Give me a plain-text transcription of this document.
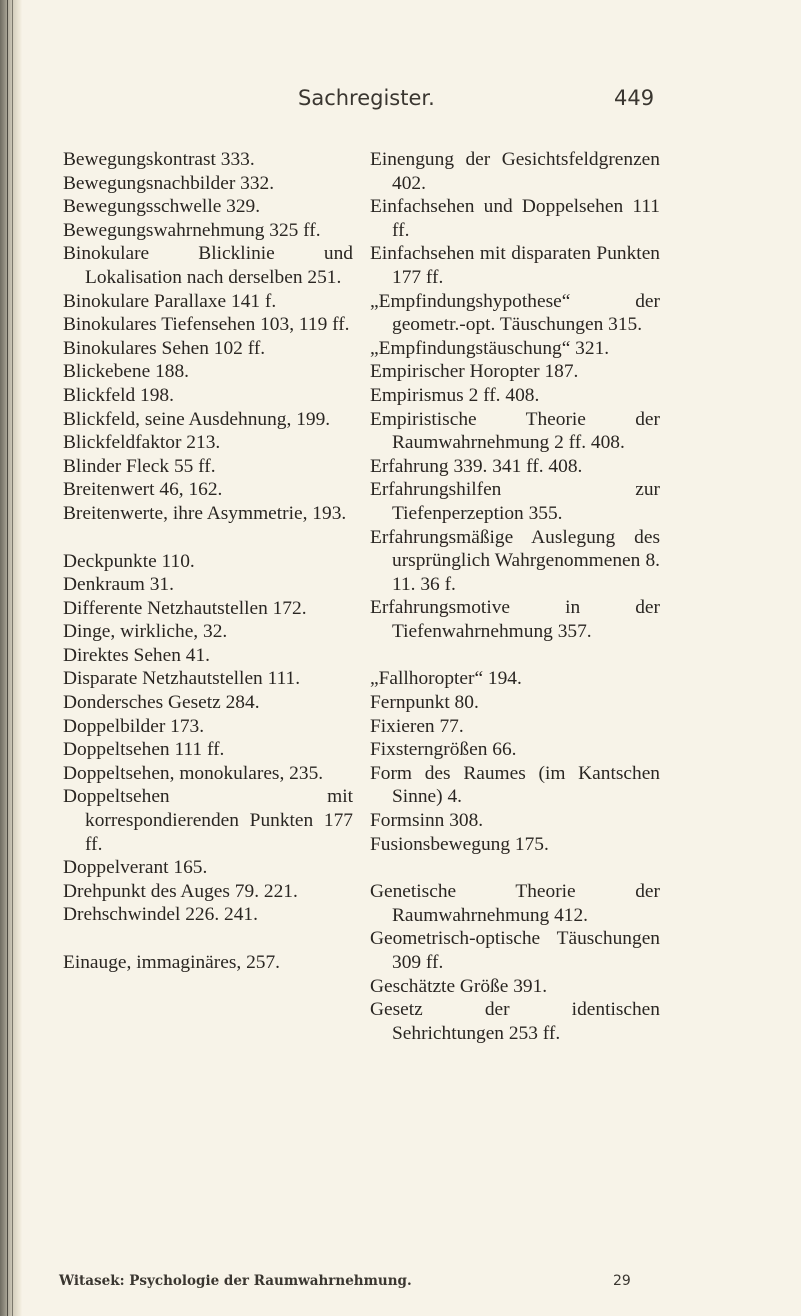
Sachregister.	449

Bewegungskontrast 333.

Bewegungsnachbilder 332.

Bewegungsschwelle 329.

Bewegungswahrnehmung 325 ff.

Binokulare Blicklinie und Lokalisation nach derselben 251.

Binokulare Parallaxe 141 f.

Binokulares Tiefensehen 103, 119 ff.

Binokulares Sehen 102 ff.

Blickebene 188.

Blickfeld 198.

Blickfeld, seine Ausdehnung, 199.

Blickfeldfaktor 213.

Blinder Fleck 55 ff.

Breitenwert 46, 162.

Breitenwerte, ihre Asymmetrie, 193.

Deckpunkte 110.

Denkraum 31.

Differente Netzhautstellen 172.

Dinge, wirkliche, 32.

Direktes Sehen 41.

Disparate Netzhautstellen 111.

Dondersches Gesetz 284.

Doppelbilder 173.

Doppeltsehen 111 ff.

Doppeltsehen, monokulares, 235.

Doppeltsehen mit korrespondierenden Punkten 177 ff.

Doppelverant 165.

Drehpunkt des Auges 79. 221.

Drehschwindel 226. 241.

Einauge, immaginäres, 257.

Einengung der Gesichtsfeldgrenzen 402.

Einfachsehen und Doppelsehen 111 ff.

Einfachsehen mit disparaten Punkten 177 ff.

„Empfindungshypothese“ der geometr.-opt. Täuschungen 315.

„Empfindungstäuschung“ 321.

Empirischer Horopter 187.

Empirismus 2 ff. 408.

Empiristische Theorie der Raumwahrnehmung 2 ff. 408.

Erfahrung 339. 341 ff. 408.

Erfahrungshilfen zur Tiefenperzeption 355.

Erfahrungsmäßige Auslegung des ursprünglich Wahrgenommenen 8. 11. 36 f.

Erfahrungsmotive in der Tiefenwahrnehmung 357.

„Fallhoropter“ 194.

Fernpunkt 80.

Fixieren 77.

Fixsterngrößen 66.

Form des Raumes (im Kantschen Sinne) 4.

Formsinn 308.

Fusionsbewegung 175.

Genetische Theorie der Raumwahrnehmung 412.

Geometrisch-optische Täuschungen 309 ff.

Geschätzte Größe 391.

Gesetz der identischen Sehrichtungen 253 ff.

Witasek: Psychologie der Raumwahrnehmung.	29
